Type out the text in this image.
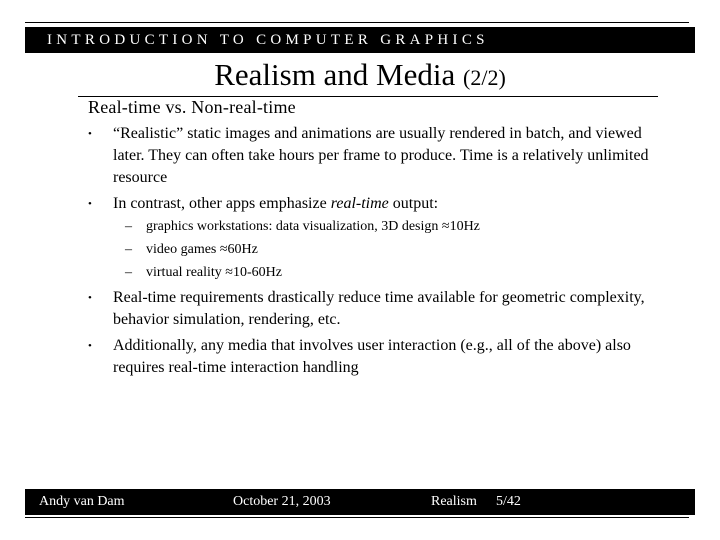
INTRODUCTION TO COMPUTER GRAPHICS
Realism and Media (2/2)
Real-time vs. Non-real-time
• “Realistic” static images and animations are usually rendered in batch, and viewed later. They can often take hours per frame to produce. Time is a relatively unlimited resource
• In contrast, other apps emphasize real-time output:
– graphics workstations: data visualization, 3D design ≈10Hz
– video games ≈60Hz
– virtual reality ≈10-60Hz
• Real-time requirements drastically reduce time available for geometric complexity, behavior simulation, rendering, etc.
• Additionally, any media that involves user interaction (e.g., all of the above) also requires real-time interaction handling
Andy van Dam	October 21, 2003	Realism 5/42
